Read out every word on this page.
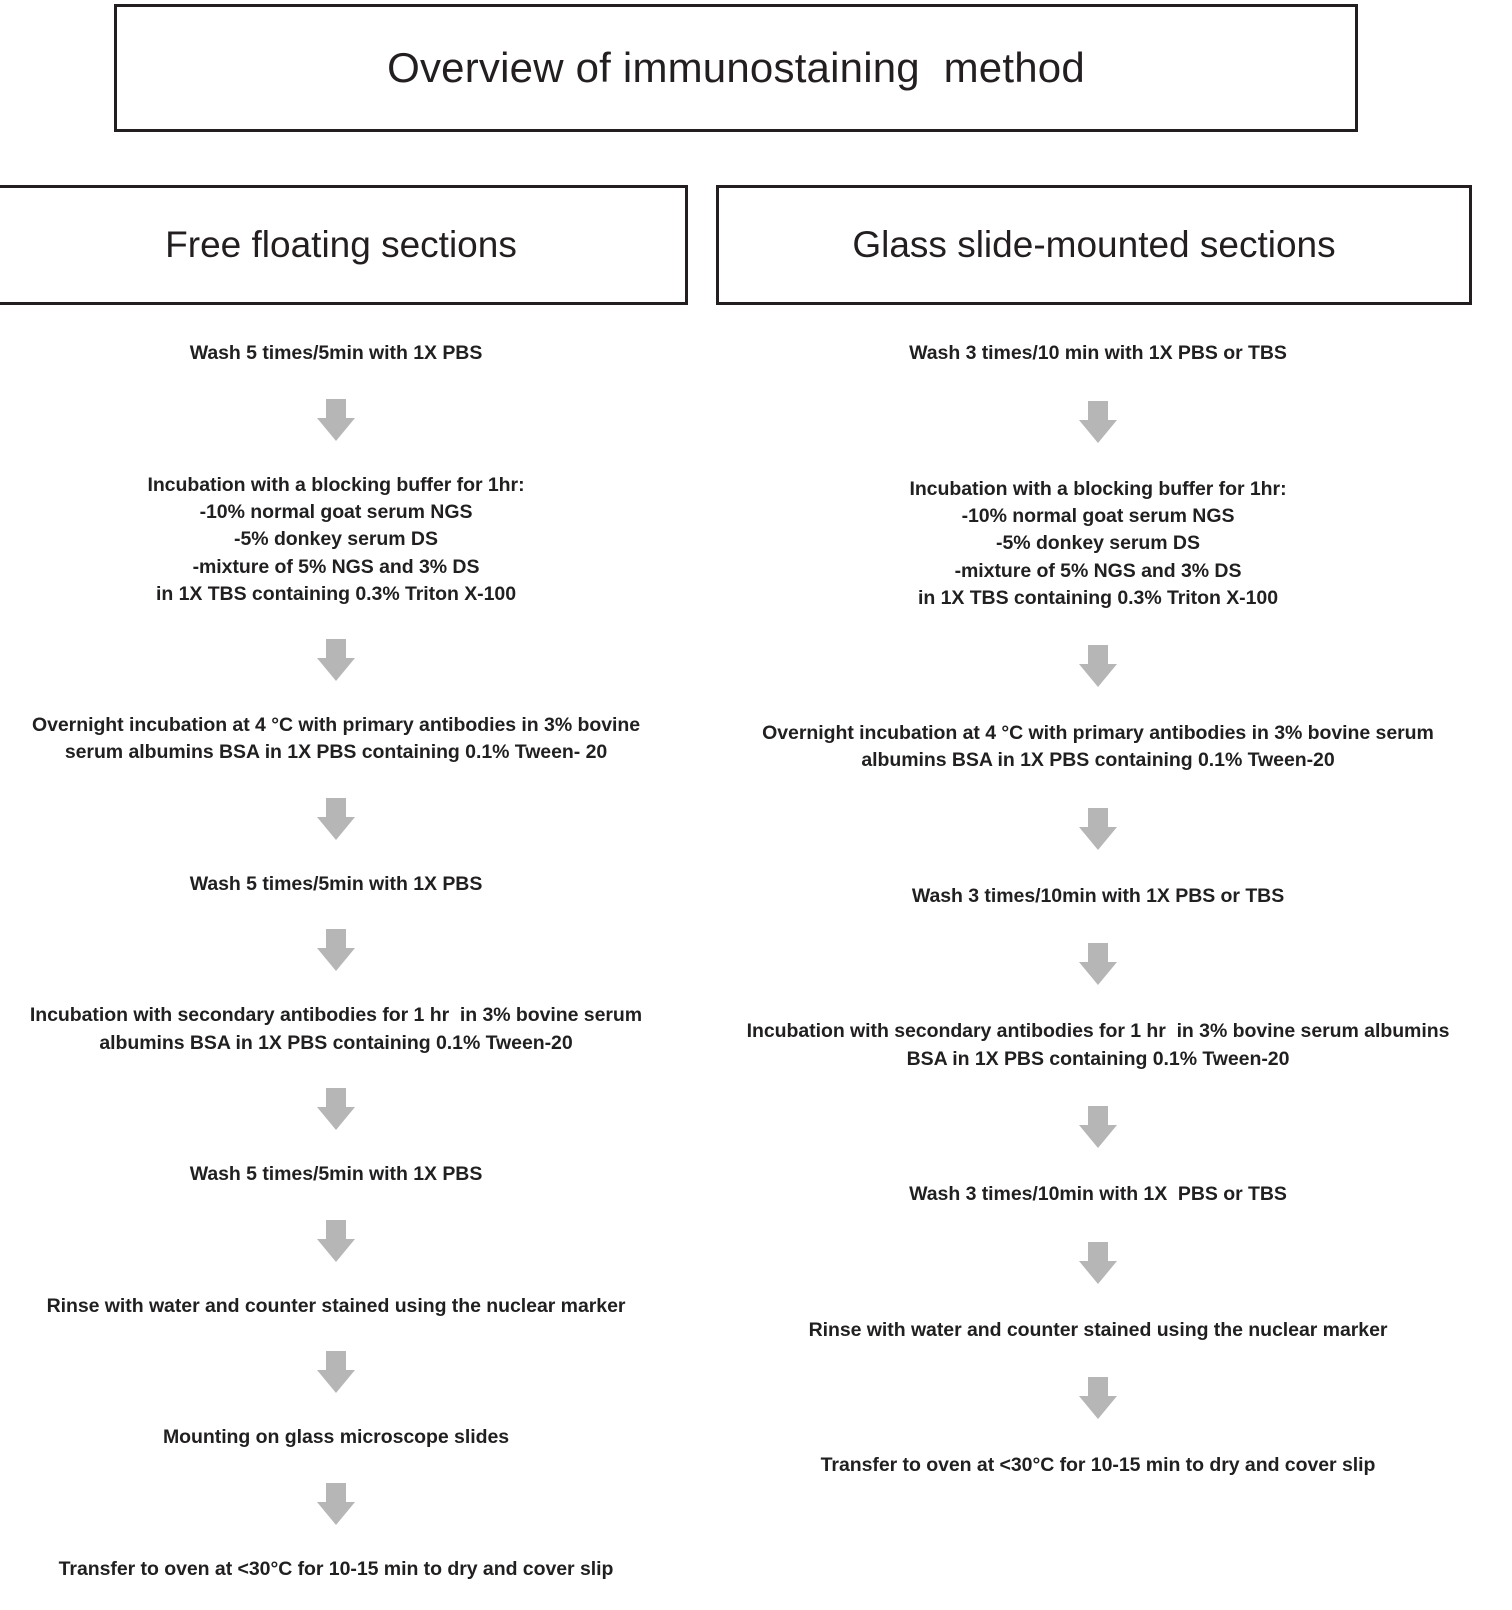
Overview of immunostaining  method
Free floating sections	Glass slide-mounted sections
Wash 5 times/5min with 1X PBS
Incubation with a blocking buffer for 1hr:
-10% normal goat serum NGS
-5% donkey serum DS
-mixture of 5% NGS and 3% DS
in 1X TBS containing 0.3% Triton X-100
Overnight incubation at 4 °C with primary antibodies in 3% bovine
serum albumins BSA in 1X PBS containing 0.1% Tween- 20
Wash 5 times/5min with 1X PBS
Incubation with secondary antibodies for 1 hr  in 3% bovine serum
albumins BSA in 1X PBS containing 0.1% Tween-20
Wash 5 times/5min with 1X PBS
Rinse with water and counter stained using the nuclear marker
Mounting on glass microscope slides
Transfer to oven at <30°C for 10-15 min to dry and cover slip
Wash 3 times/10 min with 1X PBS or TBS
Incubation with a blocking buffer for 1hr:
-10% normal goat serum NGS
-5% donkey serum DS
-mixture of 5% NGS and 3% DS
in 1X TBS containing 0.3% Triton X-100
Overnight incubation at 4 °C with primary antibodies in 3% bovine serum
albumins BSA in 1X PBS containing 0.1% Tween-20
Wash 3 times/10min with 1X PBS or TBS
Incubation with secondary antibodies for 1 hr  in 3% bovine serum albumins
BSA in 1X PBS containing 0.1% Tween-20
Wash 3 times/10min with 1X  PBS or TBS
Rinse with water and counter stained using the nuclear marker
Transfer to oven at <30°C for 10-15 min to dry and cover slip
